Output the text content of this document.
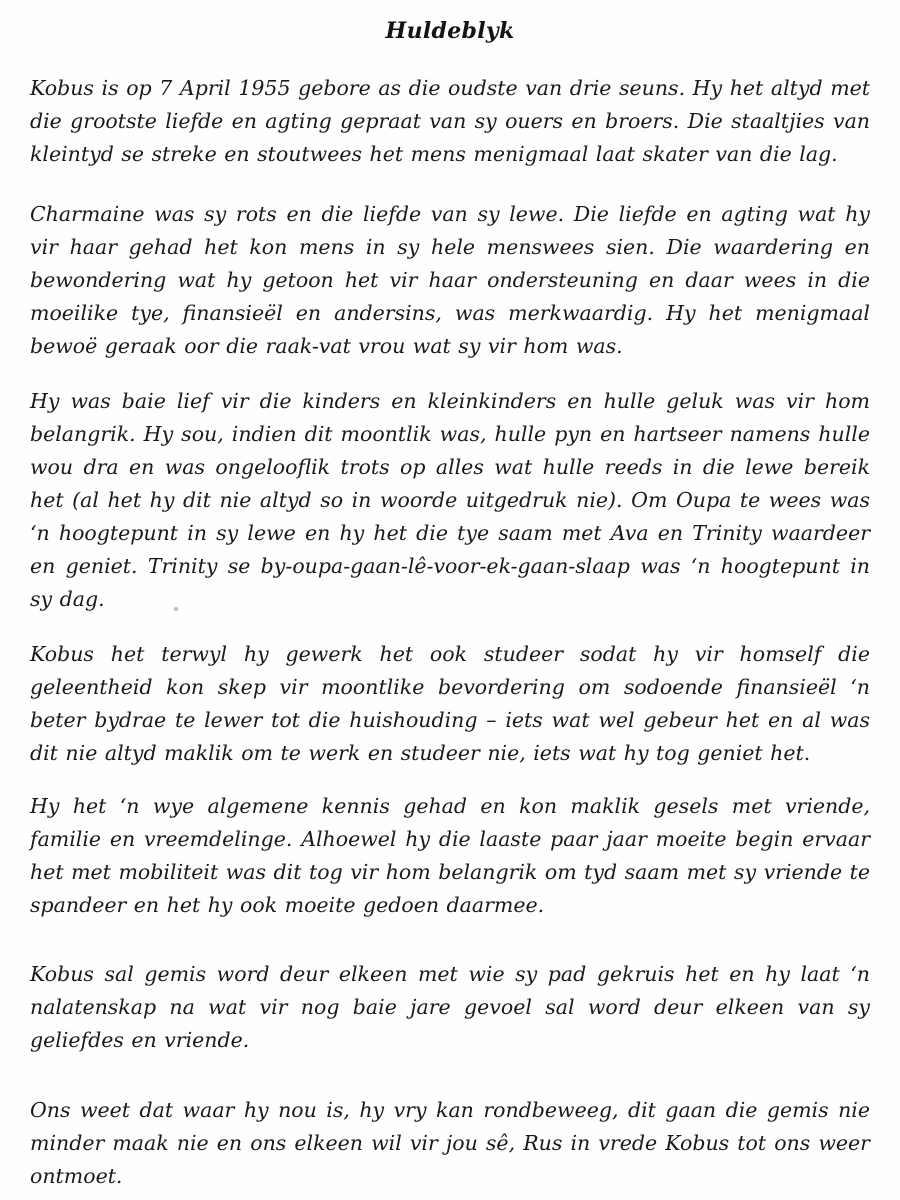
Huldeblyk

Kobus is op 7 April 1955 gebore as die oudste van drie seuns. Hy het altyd met die grootste liefde en agting gepraat van sy ouers en broers. Die staaltjies van kleintyd se streke en stoutwees het mens menigmaal laat skater van die lag.

Charmaine was sy rots en die liefde van sy lewe. Die liefde en agting wat hy vir haar gehad het kon mens in sy hele menswees sien. Die waardering en bewondering wat hy getoon het vir haar ondersteuning en daar wees in die moeilike tye, finansieël en andersins, was merkwaardig. Hy het menigmaal bewoë geraak oor die raak-vat vrou wat sy vir hom was.

Hy was baie lief vir die kinders en kleinkinders en hulle geluk was vir hom belangrik. Hy sou, indien dit moontlik was, hulle pyn en hartseer namens hulle wou dra en was ongelooflik trots op alles wat hulle reeds in die lewe bereik het (al het hy dit nie altyd so in woorde uitgedruk nie). Om Oupa te wees was ‘n hoogtepunt in sy lewe en hy het die tye saam met Ava en Trinity waardeer en geniet. Trinity se by-oupa-gaan-lê-voor-ek-gaan-slaap was ‘n hoogtepunt in sy dag.

Kobus het terwyl hy gewerk het ook studeer sodat hy vir homself die geleentheid kon skep vir moontlike bevordering om sodoende finansieël ‘n beter bydrae te lewer tot die huishouding – iets wat wel gebeur het en al was dit nie altyd maklik om te werk en studeer nie, iets wat hy tog geniet het.

Hy het ‘n wye algemene kennis gehad en kon maklik gesels met vriende, familie en vreemdelinge. Alhoewel hy die laaste paar jaar moeite begin ervaar het met mobiliteit was dit tog vir hom belangrik om tyd saam met sy vriende te spandeer en het hy ook moeite gedoen daarmee.

Kobus sal gemis word deur elkeen met wie sy pad gekruis het en hy laat ‘n nalatenskap na wat vir nog baie jare gevoel sal word deur elkeen van sy geliefdes en vriende.

Ons weet dat waar hy nou is, hy vry kan rondbeweeg, dit gaan die gemis nie minder maak nie en ons elkeen wil vir jou sê, Rus in vrede Kobus tot ons weer ontmoet.
